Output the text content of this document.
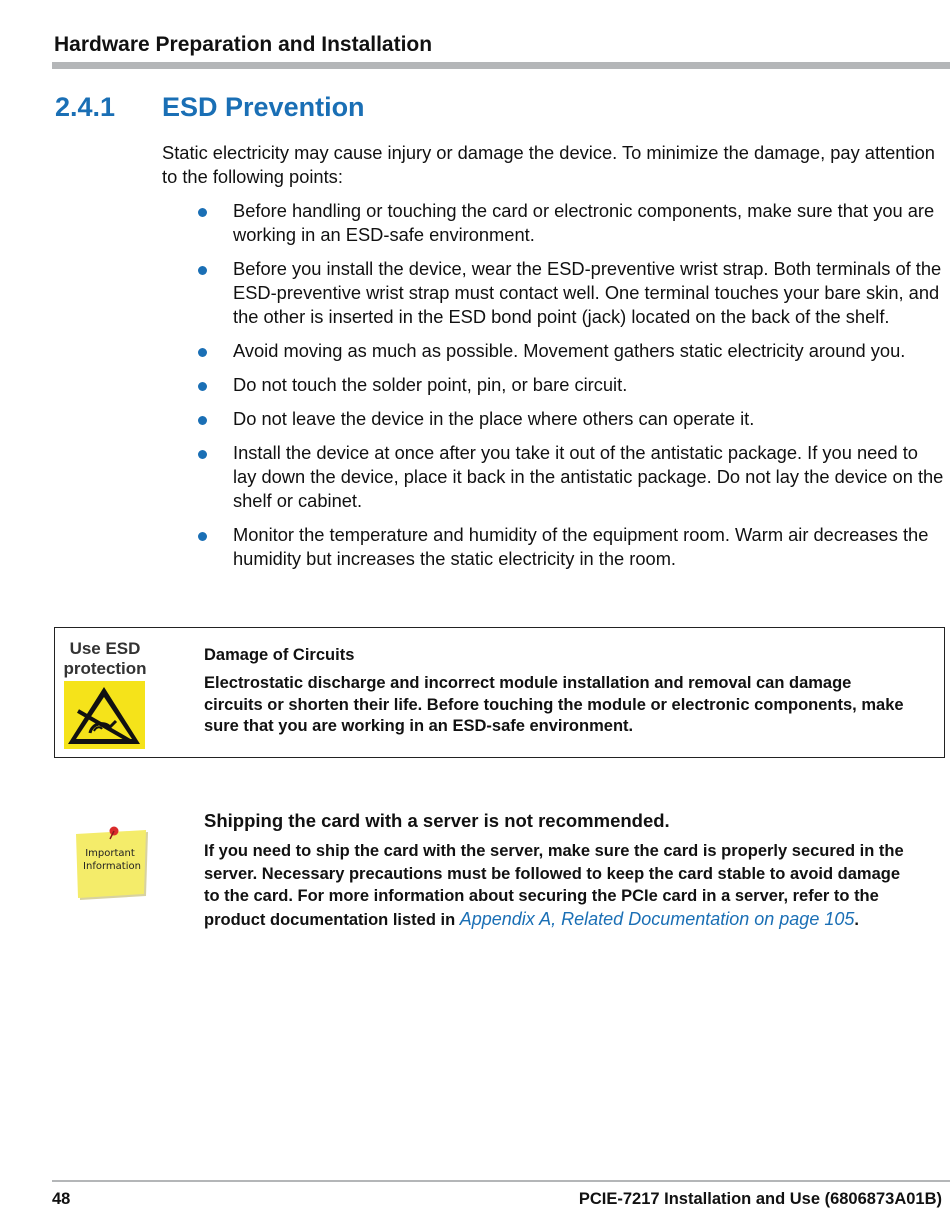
Hardware Preparation and Installation
2.4.1 ESD Prevention

Static electricity may cause injury or damage the device. To minimize the damage, pay attention to the following points:

Before handling or touching the card or electronic components, make sure that you are working in an ESD-safe environment.
Before you install the device, wear the ESD-preventive wrist strap. Both terminals of the ESD-preventive wrist strap must contact well. One terminal touches your bare skin, and the other is inserted in the ESD bond point (jack) located on the back of the shelf.
Avoid moving as much as possible. Movement gathers static electricity around you.
Do not touch the solder point, pin, or bare circuit.
Do not leave the device in the place where others can operate it.
Install the device at once after you take it out of the antistatic package. If you need to lay down the device, place it back in the antistatic package. Do not lay the device on the shelf or cabinet.
Monitor the temperature and humidity of the equipment room. Warm air decreases the humidity but increases the static electricity in the room.
Use ESD
protection
Damage of Circuits
Electrostatic discharge and incorrect module installation and removal can damage circuits or shorten their life. Before touching the module or electronic components, make sure that you are working in an ESD-safe environment.
Important
Information
Shipping the card with a server is not recommended.
If you need to ship the card with the server, make sure the card is properly secured in the server. Necessary precautions must be followed to keep the card stable to avoid damage to the card. For more information about securing the PCIe card in a server, refer to the product documentation listed in Appendix A, Related Documentation on page 105.
48	PCIE-7217 Installation and Use (6806873A01B)
